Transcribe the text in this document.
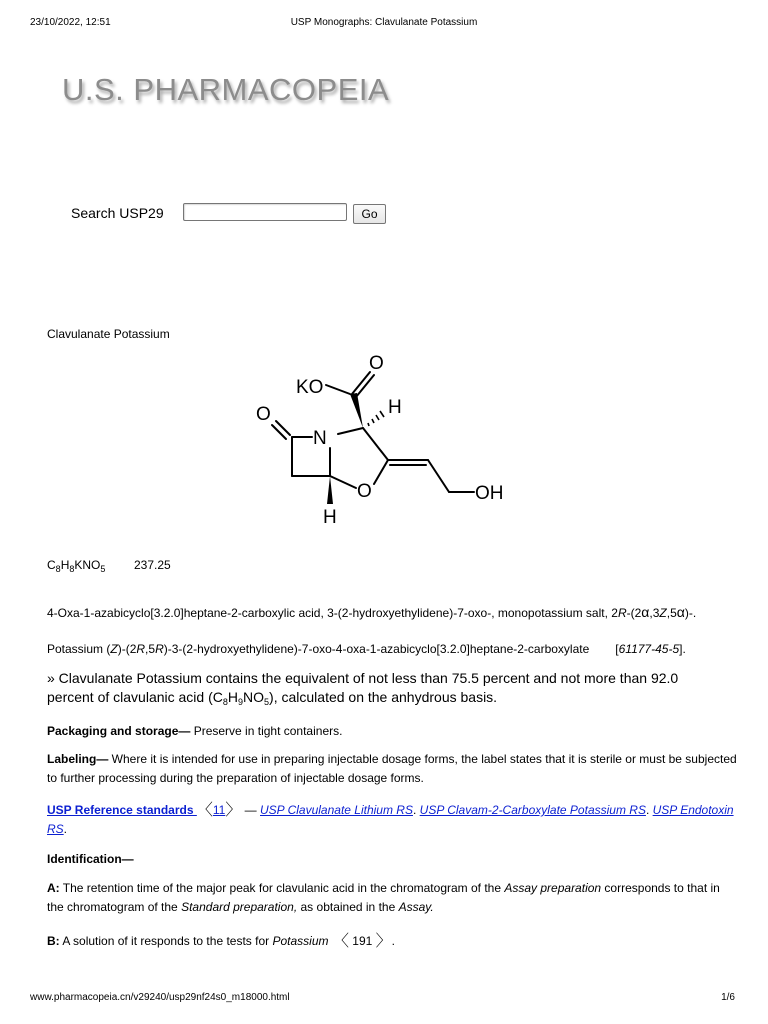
23/10/2022, 12:51	USP Monographs: Clavulanate Potassium
U.S. PHARMACOPEIA
Search USP29	Go
Clavulanate Potassium
O
KO
H
O
N
O	OH
H
$C_8H_8KNO_5$ 237.25
4-Oxa-1-azabicyclo[3.2.0]heptane-2-carboxylic acid, 3-(2-hydroxyethylidene)-7-oxo-, monopotassium salt, 2R-(2α,3Z,5α)-.
Potassium (Z)-(2R,5R)-3-(2-hydroxyethylidene)-7-oxo-4-oxa-1-azabicyclo[3.2.0]heptane-2-carboxylate [61177-45-5].
» Clavulanate Potassium contains the equivalent of not less than 75.5 percent and not more than 92.0 percent of clavulanic acid $(C_8H_9NO_5)$, calculated on the anhydrous basis.
Packaging and storage— Preserve in tight containers.
Labeling— Where it is intended for use in preparing injectable dosage forms, the label states that it is sterile or must be subjected to further processing during the preparation of injectable dosage forms.
USP Reference standards 〈11〉 — USP Clavulanate Lithium RS. USP Clavam-2-Carboxylate Potassium RS. USP Endotoxin RS.
Identification—
A: The retention time of the major peak for clavulanic acid in the chromatogram of the Assay preparation corresponds to that in the chromatogram of the Standard preparation, as obtained in the Assay.
B: A solution of it responds to the tests for Potassium 〈 191 〉.
www.pharmacopeia.cn/v29240/usp29nf24s0_m18000.html	1/6
